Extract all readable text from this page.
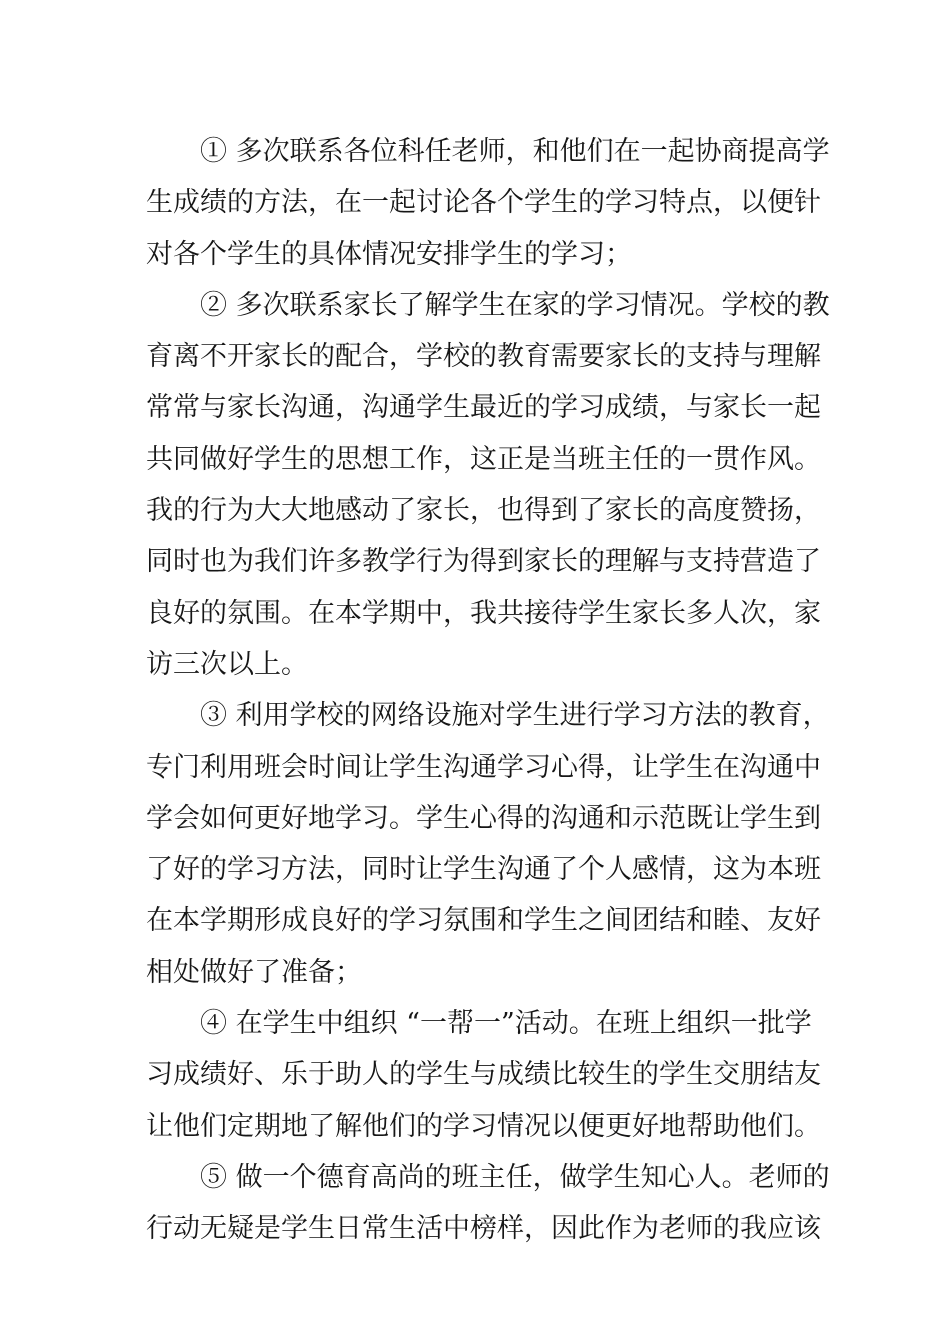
① 多次联系各位科任老师，和他们在一起协商提高学
生成绩的方法，在一起讨论各个学生的学习特点，以便针
对各个学生的具体情况安排学生的学习；
② 多次联系家长了解学生在家的学习情况。学校的教
育离不开家长的配合，学校的教育需要家长的支持与理解
常常与家长沟通，沟通学生最近的学习成绩，与家长一起
共同做好学生的思想工作，这正是当班主任的一贯作风。
我的行为大大地感动了家长，也得到了家长的高度赞扬，
同时也为我们许多教学行为得到家长的理解与支持营造了
良好的氛围。在本学期中，我共接待学生家长多人次，家
访三次以上。
③ 利用学校的网络设施对学生进行学习方法的教育，
专门利用班会时间让学生沟通学习心得，让学生在沟通中
学会如何更好地学习。学生心得的沟通和示范既让学生到
了好的学习方法，同时让学生沟通了个人感情，这为本班
在本学期形成良好的学习氛围和学生之间团结和睦、友好
相处做好了准备；
④ 在学生中组织 “一帮一”活动。在班上组织一批学
习成绩好、乐于助人的学生与成绩比较生的学生交朋结友
让他们定期地了解他们的学习情况以便更好地帮助他们。
⑤ 做一个德育高尚的班主任，做学生知心人。老师的
行动无疑是学生日常生活中榜样，因此作为老师的我应该
